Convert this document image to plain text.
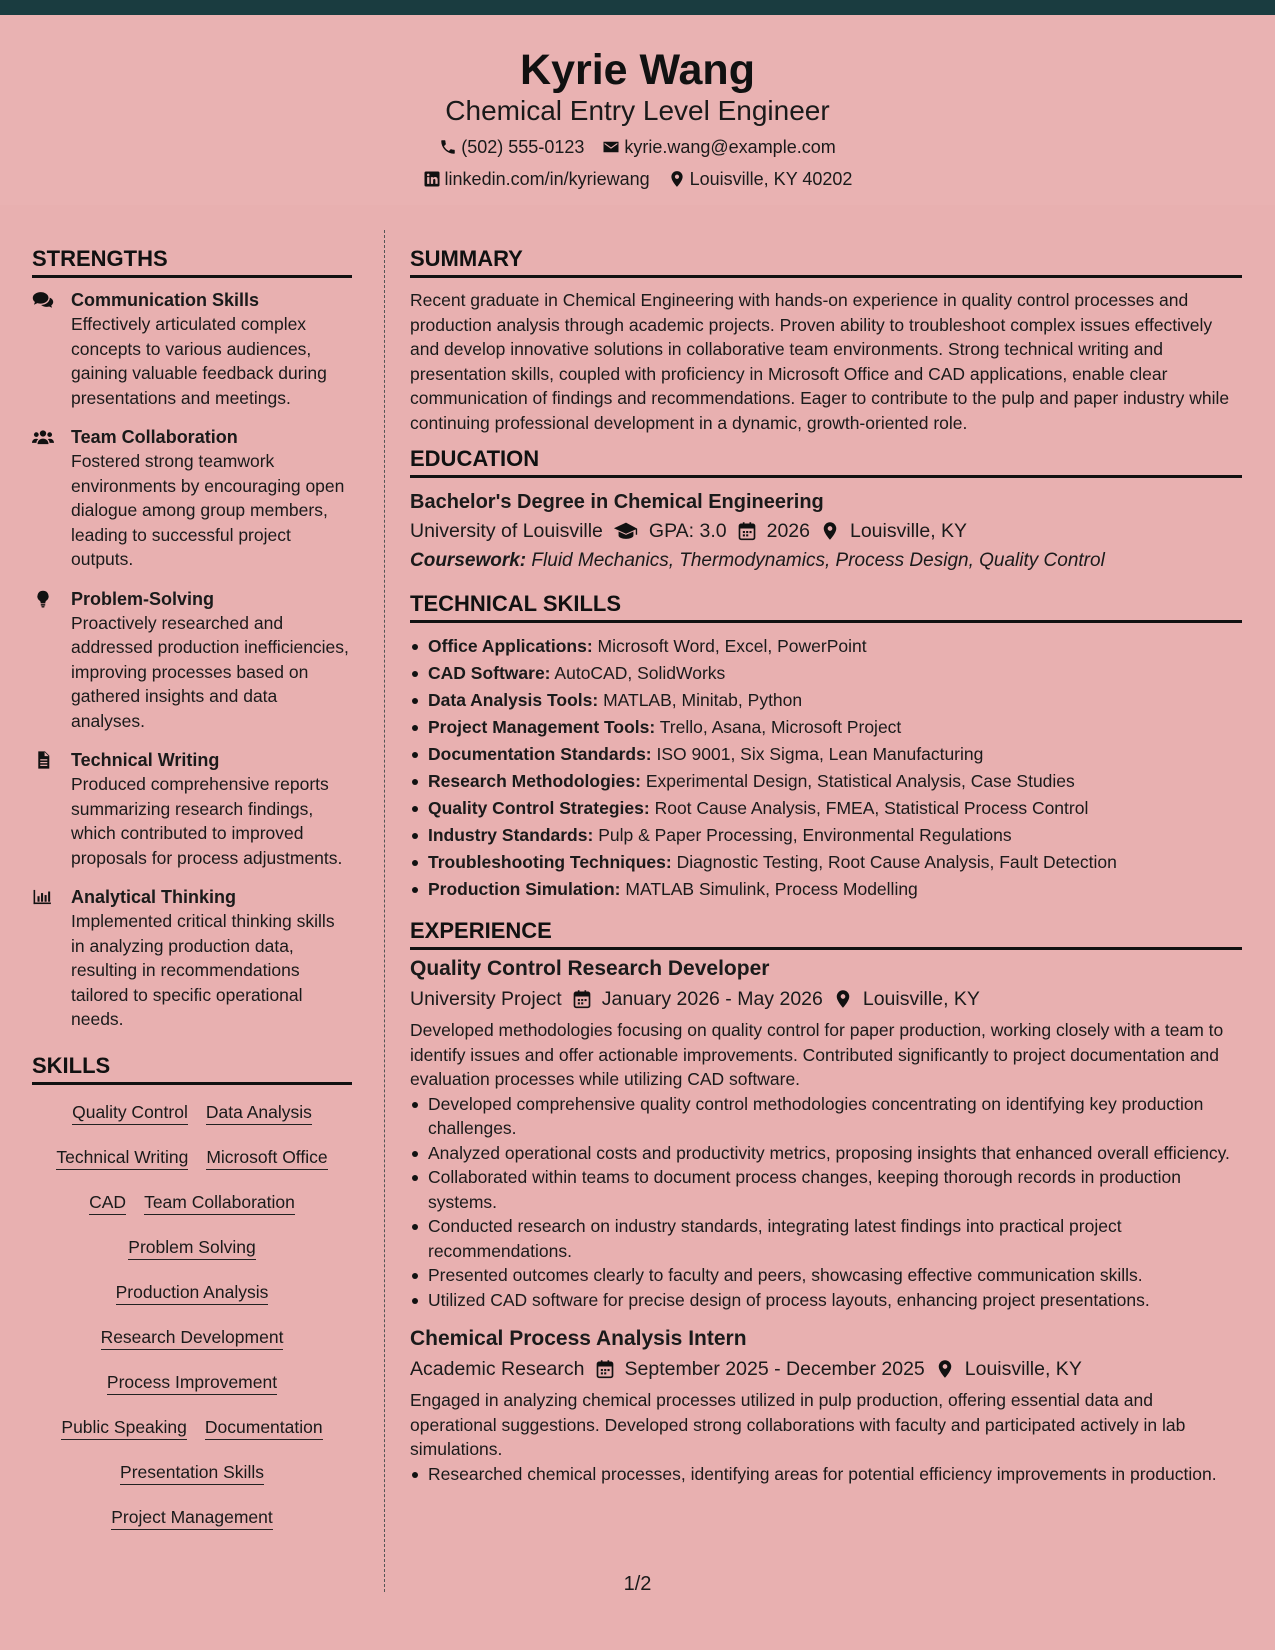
Kyrie Wang
Chemical Entry Level Engineer
(502) 555-0123 kyrie.wang@example.com
linkedin.com/in/kyriewang Louisville, KY 40202
STRENGTHS
Communication Skills
Effectively articulated complex concepts to various audiences, gaining valuable feedback during presentations and meetings.
Team Collaboration
Fostered strong teamwork environments by encouraging open dialogue among group members, leading to successful project outputs.
Problem-Solving
Proactively researched and addressed production inefficiencies, improving processes based on gathered insights and data analyses.
Technical Writing
Produced comprehensive reports summarizing research findings, which contributed to improved proposals for process adjustments.
Analytical Thinking
Implemented critical thinking skills in analyzing production data, resulting in recommendations tailored to specific operational needs.
SKILLS
Quality Control Data Analysis
Technical Writing Microsoft Office
CAD Team Collaboration
Problem Solving
Production Analysis
Research Development
Process Improvement
Public Speaking Documentation
Presentation Skills
Project Management
SUMMARY
Recent graduate in Chemical Engineering with hands-on experience in quality control processes and production analysis through academic projects. Proven ability to troubleshoot complex issues effectively and develop innovative solutions in collaborative team environments. Strong technical writing and presentation skills, coupled with proficiency in Microsoft Office and CAD applications, enable clear communication of findings and recommendations. Eager to contribute to the pulp and paper industry while continuing professional development in a dynamic, growth-oriented role.
EDUCATION
Bachelor's Degree in Chemical Engineering
University of Louisville GPA: 3.0 2026 Louisville, KY
Coursework: Fluid Mechanics, Thermodynamics, Process Design, Quality Control
TECHNICAL SKILLS
Office Applications: Microsoft Word, Excel, PowerPoint
CAD Software: AutoCAD, SolidWorks
Data Analysis Tools: MATLAB, Minitab, Python
Project Management Tools: Trello, Asana, Microsoft Project
Documentation Standards: ISO 9001, Six Sigma, Lean Manufacturing
Research Methodologies: Experimental Design, Statistical Analysis, Case Studies
Quality Control Strategies: Root Cause Analysis, FMEA, Statistical Process Control
Industry Standards: Pulp & Paper Processing, Environmental Regulations
Troubleshooting Techniques: Diagnostic Testing, Root Cause Analysis, Fault Detection
Production Simulation: MATLAB Simulink, Process Modelling
EXPERIENCE
Quality Control Research Developer
University Project January 2026 - May 2026 Louisville, KY
Developed methodologies focusing on quality control for paper production, working closely with a team to identify issues and offer actionable improvements. Contributed significantly to project documentation and evaluation processes while utilizing CAD software.
Developed comprehensive quality control methodologies concentrating on identifying key production challenges.
Analyzed operational costs and productivity metrics, proposing insights that enhanced overall efficiency.
Collaborated within teams to document process changes, keeping thorough records in production systems.
Conducted research on industry standards, integrating latest findings into practical project recommendations.
Presented outcomes clearly to faculty and peers, showcasing effective communication skills.
Utilized CAD software for precise design of process layouts, enhancing project presentations.
Chemical Process Analysis Intern
Academic Research September 2025 - December 2025 Louisville, KY
Engaged in analyzing chemical processes utilized in pulp production, offering essential data and operational suggestions. Developed strong collaborations with faculty and participated actively in lab simulations.
Researched chemical processes, identifying areas for potential efficiency improvements in production.
1/2
